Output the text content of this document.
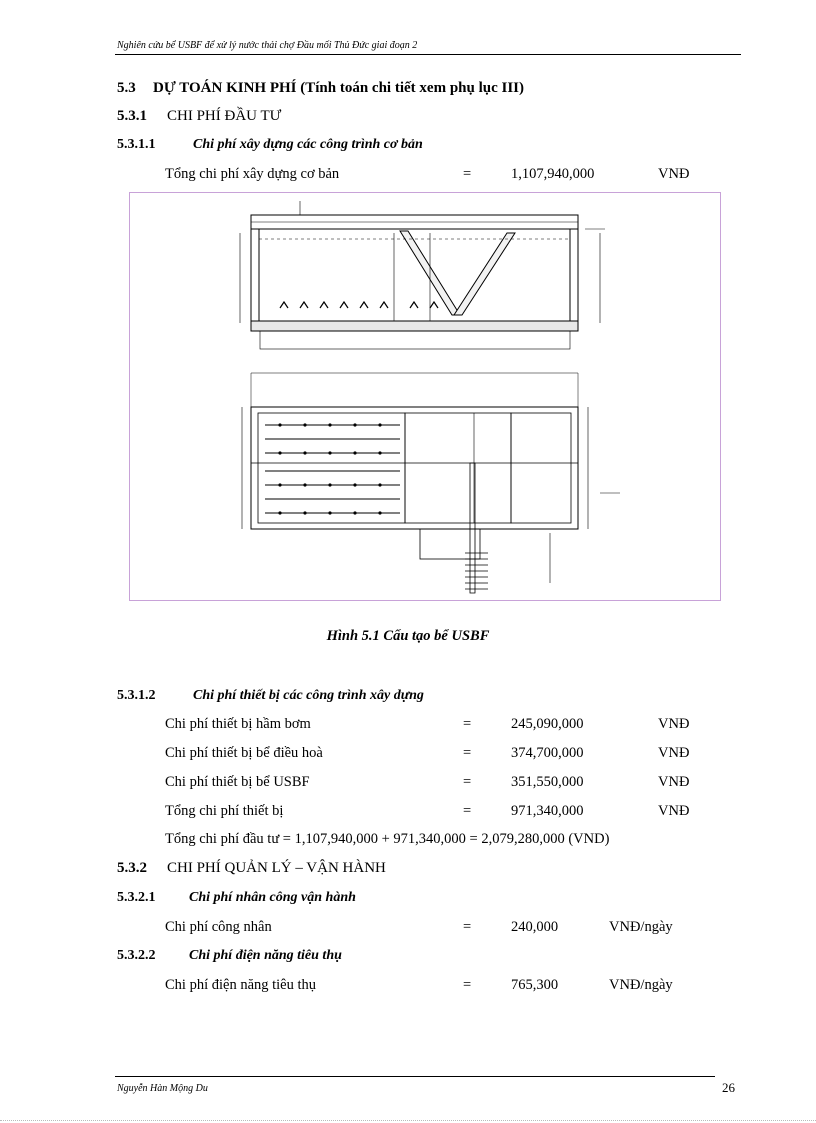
Nghiên cứu bể USBF để xử lý nước thải chợ Đầu mối Thủ Đức giai đoạn 2
5.3 DỰ TOÁN KINH PHÍ (Tính toán chi tiết xem phụ lục III)
5.3.1 CHI PHÍ ĐẦU TƯ
5.3.1.1	Chi phí xây dựng các công trình cơ bản
Tổng chi phí xây dựng cơ bản	=	1,107,940,000	VNĐ
Hình 5.1 Cấu tạo bể USBF
5.3.1.2	Chi phí thiết bị các công trình xây dựng
Chi phí thiết bị hầm bơm	=	245,090,000	VNĐ
Chi phí thiết bị bể điều hoà	=	374,700,000	VNĐ
Chi phí thiết bị bể USBF	=	351,550,000	VNĐ
Tổng chi phí thiết bị	=	971,340,000	VNĐ
Tổng chi phí đầu tư = 1,107,940,000 + 971,340,000 = 2,079,280,000 (VND)
5.3.2 CHI PHÍ QUẢN LÝ – VẬN HÀNH
5.3.2.1 Chi phí nhân công vận hành
Chi phí công nhân	=	240,000	VNĐ/ngày
5.3.2.2 Chi phí điện năng tiêu thụ
Chi phí điện năng tiêu thụ	=	765,300	VNĐ/ngày
Nguyễn Hàn Mộng Du	26
